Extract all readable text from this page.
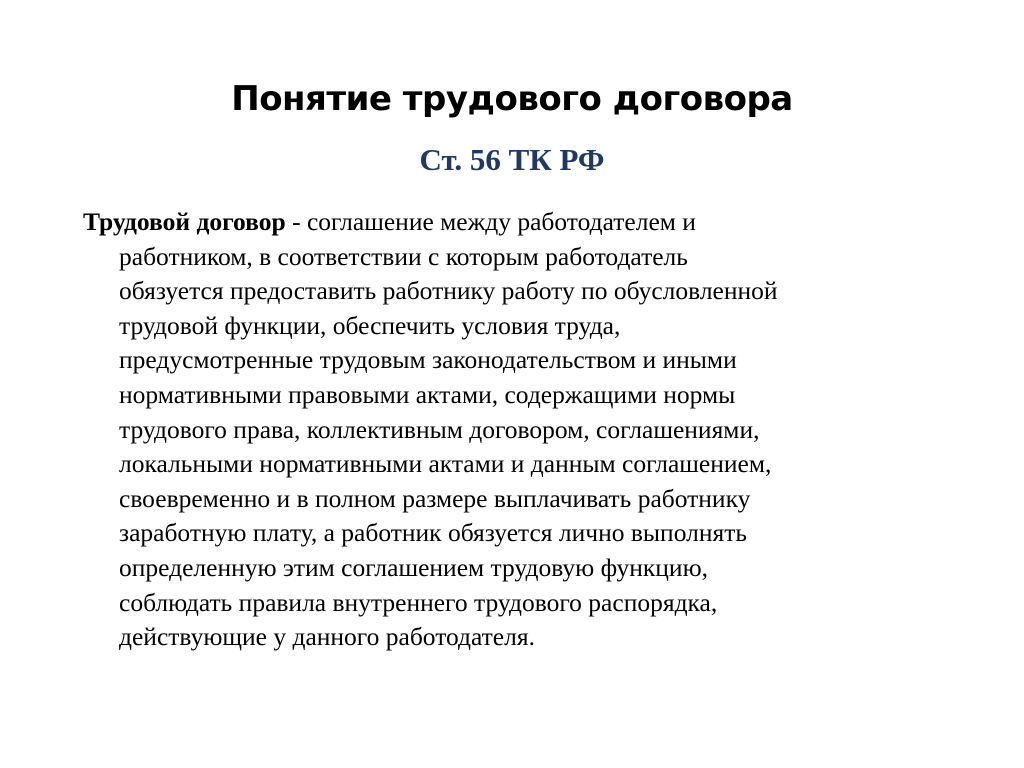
Понятие трудового договора
Ст. 56 ТК РФ
Трудовой договор - соглашение между работодателем и
работником, в соответствии с которым работодатель
обязуется предоставить работнику работу по обусловленной
трудовой функции, обеспечить условия труда,
предусмотренные трудовым законодательством и иными
нормативными правовыми актами, содержащими нормы
трудового права, коллективным договором, соглашениями,
локальными нормативными актами и данным соглашением,
своевременно и в полном размере выплачивать работнику
заработную плату, а работник обязуется лично выполнять
определенную этим соглашением трудовую функцию,
соблюдать правила внутреннего трудового распорядка,
действующие у данного работодателя.
